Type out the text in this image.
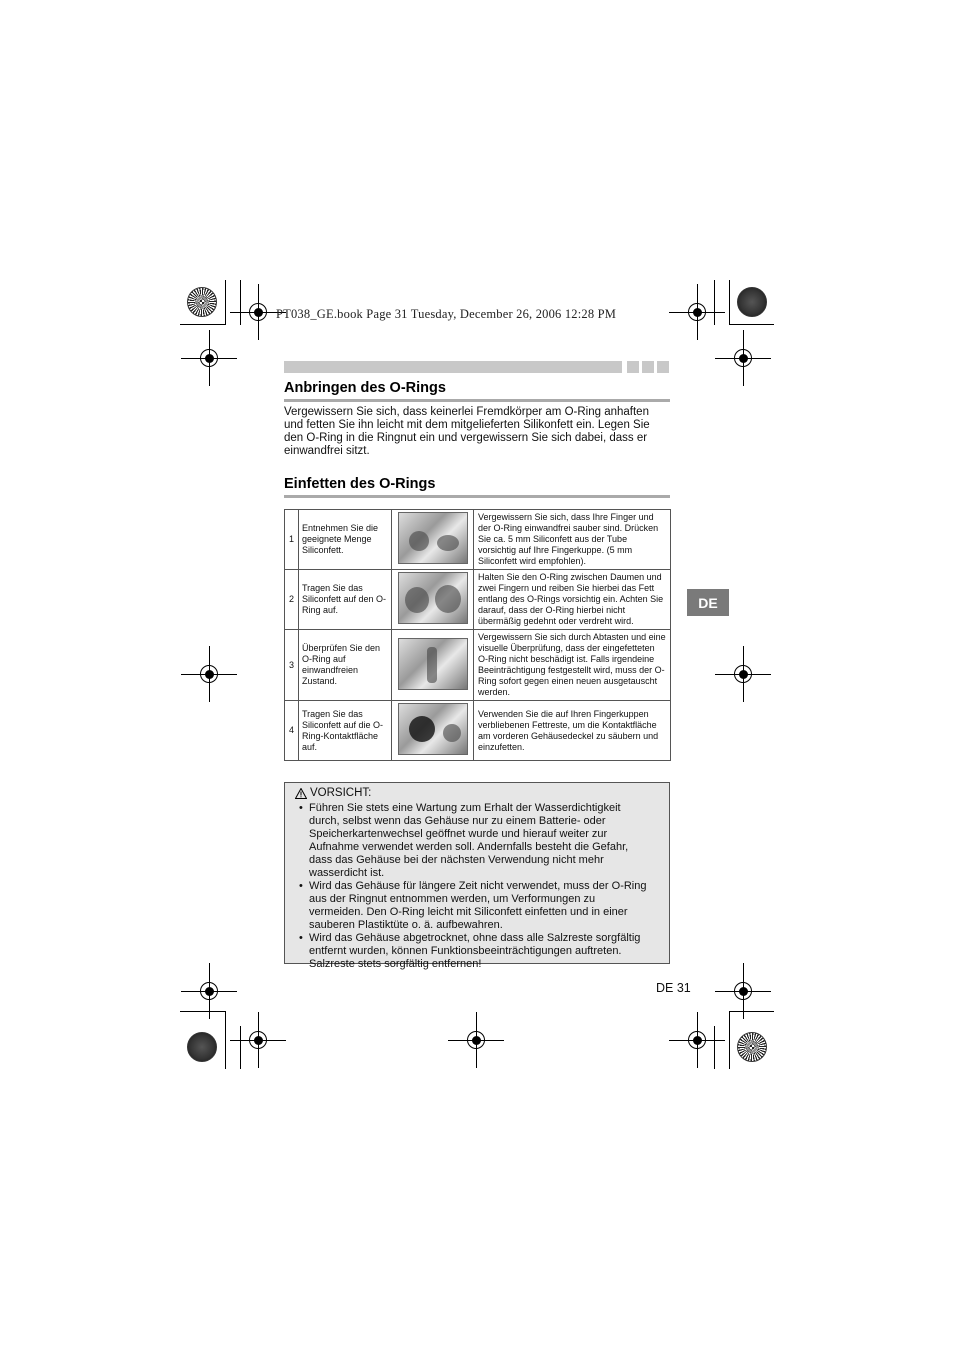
PT038_GE.book Page 31 Tuesday, December 26, 2006 12:28 PM
Anbringen des O-Rings
Vergewissern Sie sich, dass keinerlei Fremdkörper am O-Ring anhaften und fetten Sie ihn leicht mit dem mitgelieferten Silikonfett ein. Legen Sie den O-Ring in die Ringnut ein und vergewissern Sie sich dabei, dass er einwandfrei sitzt.
Einfetten des O-Rings
1	Entnehmen Sie die geeignete Menge Siliconfett.		Vergewissern Sie sich, dass Ihre Finger und der O-Ring einwandfrei sauber sind. Drücken Sie ca. 5 mm Siliconfett aus der Tube vorsichtig auf Ihre Fingerkuppe. (5 mm Siliconfett wird empfohlen).
2	Tragen Sie das Siliconfett auf den O-Ring auf.		Halten Sie den O-Ring zwischen Daumen und zwei Fingern und reiben Sie hierbei das Fett entlang des O-Rings vorsichtig ein. Achten Sie darauf, dass der O-Ring hierbei nicht übermäßig gedehnt oder verdreht wird.
3	Überprüfen Sie den O-Ring auf einwandfreien Zustand.		Vergewissern Sie sich durch Abtasten und eine visuelle Überprüfung, dass der eingefetteten O-Ring nicht beschädigt ist. Falls irgendeine Beeinträchtigung festgestellt wird, muss der O-Ring sofort gegen einen neuen ausgetauscht werden.
4	Tragen Sie das Siliconfett auf die O-Ring-Kontaktfläche auf.		Verwenden Sie die auf Ihren Fingerkuppen verbliebenen Fettreste, um die Kontaktfläche am vorderen Gehäusedeckel zu säubern und einzufetten.
DE
VORSICHT:
• Führen Sie stets eine Wartung zum Erhalt der Wasserdichtigkeit durch, selbst wenn das Gehäuse nur zu einem Batterie- oder Speicherkartenwechsel geöffnet wurde und hierauf weiter zur Aufnahme verwendet werden soll. Andernfalls besteht die Gefahr, dass das Gehäuse bei der nächsten Verwendung nicht mehr wasserdicht ist.
• Wird das Gehäuse für längere Zeit nicht verwendet, muss der O-Ring aus der Ringnut entnommen werden, um Verformungen zu vermeiden. Den O-Ring leicht mit Siliconfett einfetten und in einer sauberen Plastiktüte o. ä. aufbewahren.
• Wird das Gehäuse abgetrocknet, ohne dass alle Salzreste sorgfältig entfernt wurden, können Funktionsbeeinträchtigungen auftreten. Salzreste stets sorgfältig entfernen!
DE 31
